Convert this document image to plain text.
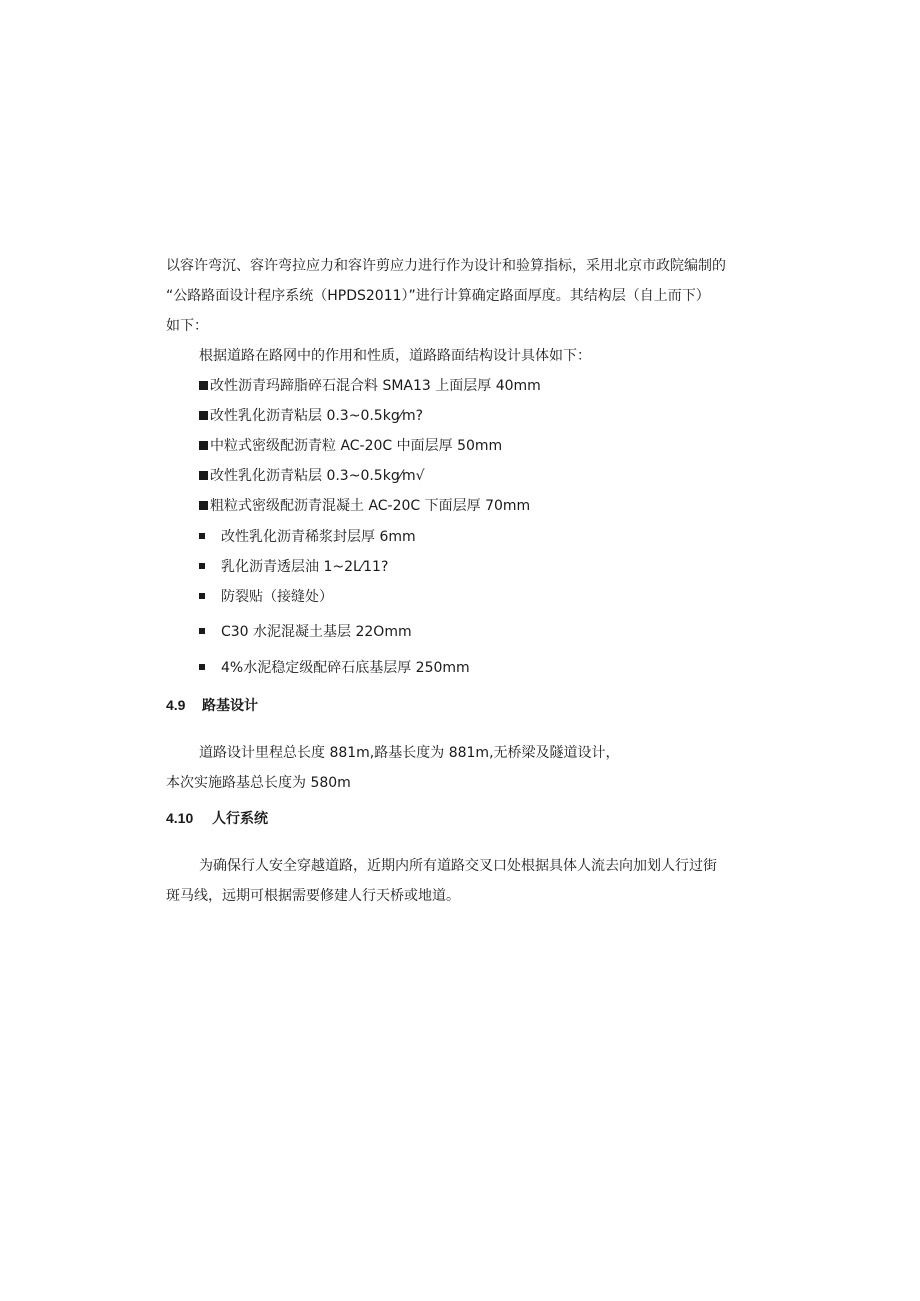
以容许弯沉、容许弯拉应力和容许剪应力进行作为设计和验算指标，采用北京市政院编制的
“公路路面设计程序系统（HPDS2011）”进行计算确定路面厚度。其结构层（自上而下）
如下：
根据道路在路网中的作用和性质，道路路面结构设计具体如下：
改性沥青玛蹄脂碎石混合料 SMA13 上面层厚 40mm
改性乳化沥青粘层 0.3~0.5kg⁄m?
中粒式密级配沥青粒 AC-20C 中面层厚 50mm
改性乳化沥青粘层 0.3~0.5kg⁄m√
粗粒式密级配沥青混凝土 AC-20C 下面层厚 70mm
改性乳化沥青稀浆封层厚 6mm
乳化沥青透层油 1~2L⁄11?
防裂贴（接缝处）
C30 水泥混凝土基层 22Omm
4%水泥稳定级配碎石底基层厚 250mm
4.9 路基设计
道路设计里程总长度 881m,路基长度为 881m,无桥梁及隧道设计，
本次实施路基总长度为 580m
4.10 人行系统
为确保行人安全穿越道路，近期内所有道路交叉口处根据具体人流去向加划人行过街
斑马线，远期可根据需要修建人行天桥或地道。
